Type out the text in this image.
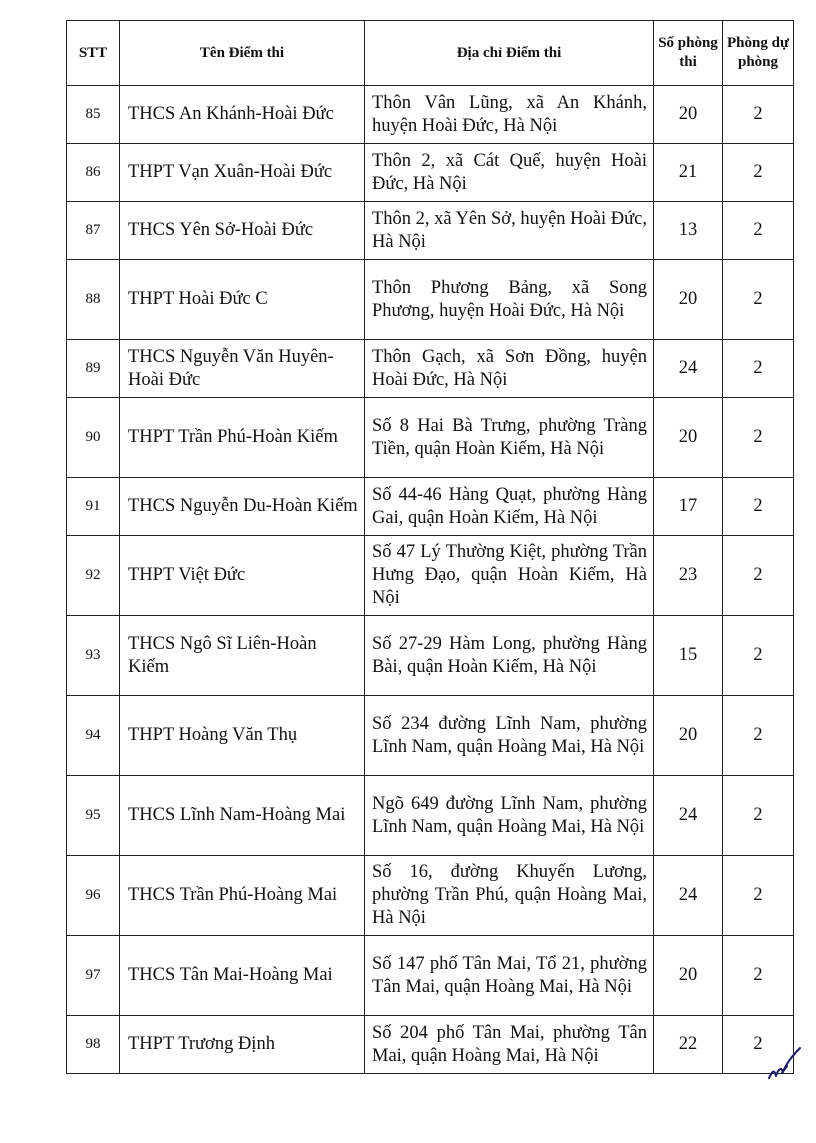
STT	Tên Điểm thi	Địa chỉ Điểm thi	Số phòng thi	Phòng dự phòng
85	THCS An Khánh-Hoài Đức	Thôn Vân Lũng, xã An Khánh, huyện Hoài Đức, Hà Nội	20	2
86	THPT Vạn Xuân-Hoài Đức	Thôn 2, xã Cát Quế, huyện Hoài Đức, Hà Nội	21	2
87	THCS Yên Sở-Hoài Đức	Thôn 2, xã Yên Sở, huyện Hoài Đức, Hà Nội	13	2
88	THPT Hoài Đức C	Thôn Phương Bảng, xã Song Phương, huyện Hoài Đức, Hà Nội	20	2
89	THCS Nguyễn Văn Huyên-Hoài Đức	Thôn Gạch, xã Sơn Đồng, huyện Hoài Đức, Hà Nội	24	2
90	THPT Trần Phú-Hoàn Kiếm	Số 8 Hai Bà Trưng, phường Tràng Tiền, quận Hoàn Kiếm, Hà Nội	20	2
91	THCS Nguyễn Du-Hoàn Kiếm	Số 44-46 Hàng Quạt, phường Hàng Gai, quận Hoàn Kiếm, Hà Nội	17	2
92	THPT Việt Đức	Số 47 Lý Thường Kiệt, phường Trần Hưng Đạo, quận Hoàn Kiếm, Hà Nội	23	2
93	THCS Ngô Sĩ Liên-Hoàn Kiếm	Số 27-29 Hàm Long, phường Hàng Bài, quận Hoàn Kiếm, Hà Nội	15	2
94	THPT Hoàng Văn Thụ	Số 234 đường Lĩnh Nam, phường Lĩnh Nam, quận Hoàng Mai, Hà Nội	20	2
95	THCS Lĩnh Nam-Hoàng Mai	Ngõ 649 đường Lĩnh Nam, phường Lĩnh Nam, quận Hoàng Mai, Hà Nội	24	2
96	THCS Trần Phú-Hoàng Mai	Số 16, đường Khuyến Lương, phường Trần Phú, quận Hoàng Mai, Hà Nội	24	2
97	THCS Tân Mai-Hoàng Mai	Số 147 phố Tân Mai, Tổ 21, phường Tân Mai, quận Hoàng Mai, Hà Nội	20	2
98	THPT Trương Định	Số 204 phố Tân Mai, phường Tân Mai, quận Hoàng Mai, Hà Nội	22	2
